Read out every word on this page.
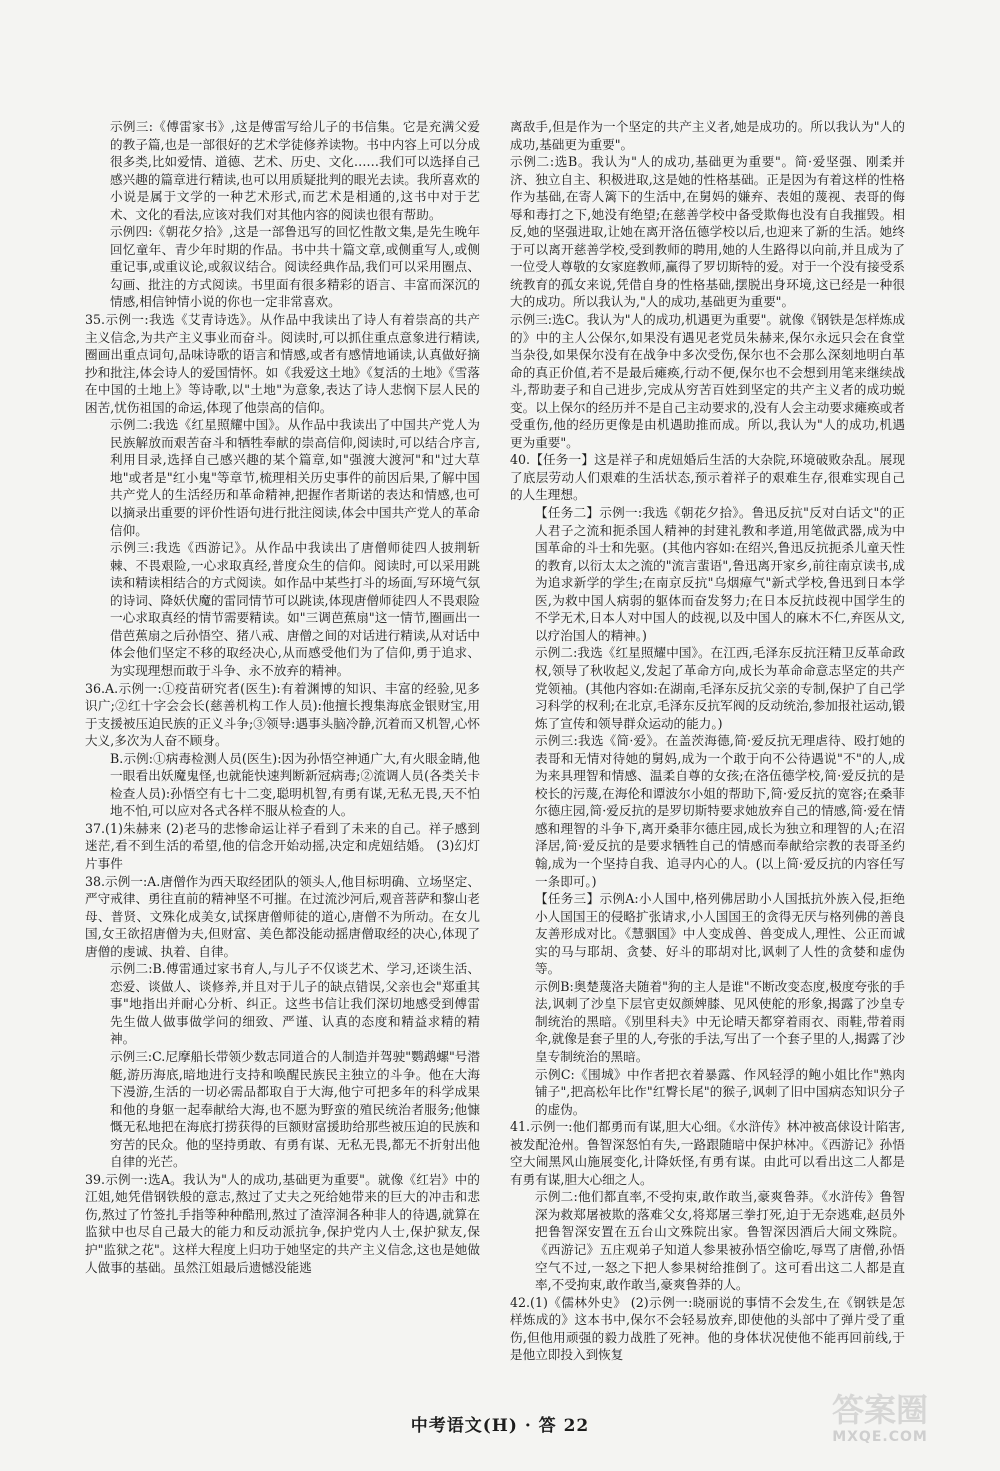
示例三:《傅雷家书》,这是傅雷写给儿子的书信集。它是充满父爱的教子篇,也是一部很好的艺术学徒修养读物。书中内容上可以分成很多类,比如爱情、道德、艺术、历史、文化……我们可以选择自己感兴趣的篇章进行精读,也可以用质疑批判的眼光去读。我所喜欢的小说是属于文学的一种艺术形式,而艺术是相通的,这书中对于艺术、文化的看法,应该对我们对其他内容的阅读也很有帮助。

示例四:《朝花夕拾》,这是一部鲁迅写的回忆性散文集,是先生晚年回忆童年、青少年时期的作品。书中共十篇文章,或侧重写人,或侧重记事,或重议论,或叙议结合。阅读经典作品,我们可以采用圈点、勾画、批注的方式阅读。书里面有很多精彩的语言、丰富而深沉的情感,相信钟情小说的你也一定非常喜欢。

35.示例一:我选《艾青诗选》。从作品中我读出了诗人有着崇高的共产主义信念,为共产主义事业而奋斗。阅读时,可以抓住重点意象进行精读,圈画出重点词句,品味诗歌的语言和情感,或者有感情地诵读,认真做好摘抄和批注,体会诗人的爱国情怀。如《我爱这土地》《复活的土地》《雪落在中国的土地上》等诗歌,以"土地"为意象,表达了诗人悲悯下层人民的困苦,忧伤祖国的命运,体现了他崇高的信仰。

示例二:我选《红星照耀中国》。从作品中我读出了中国共产党人为民族解放而艰苦奋斗和牺牲奉献的崇高信仰,阅读时,可以结合序言,利用目录,选择自己感兴趣的某个篇章,如"强渡大渡河"和"过大草地"或者是"红小鬼"等章节,梳理相关历史事件的前因后果,了解中国共产党人的生活经历和革命精神,把握作者斯诺的表达和情感,也可以摘录出重要的评价性语句进行批注阅读,体会中国共产党人的革命信仰。

示例三:我选《西游记》。从作品中我读出了唐僧师徒四人披荆斩棘、不畏艰险,一心求取真经,普度众生的信仰。阅读时,可以采用跳读和精读相结合的方式阅读。如作品中某些打斗的场面,写环境气氛的诗词、降妖伏魔的雷同情节可以跳读,体现唐僧师徒四人不畏艰险一心求取真经的情节需要精读。如"三调芭蕉扇"这一情节,圈画出一借芭蕉扇之后孙悟空、猪八戒、唐僧之间的对话进行精读,从对话中体会他们坚定不移的取经决心,从而感受他们为了信仰,勇于追求、为实现理想而敢于斗争、永不放弃的精神。

36.A.示例一:①疫苗研究者(医生):有着渊博的知识、丰富的经验,见多识广;②红十字会会长(慈善机构工作人员):他擅长搜集海底金银财宝,用于支援被压迫民族的正义斗争;③领导:遇事头脑冷静,沉着而又机智,心怀大义,多次为人奋不顾身。

B.示例:①病毒检测人员(医生):因为孙悟空神通广大,有火眼金睛,他一眼看出妖魔鬼怪,也就能快速判断新冠病毒;②流调人员(各类关卡检查人员):孙悟空有七十二变,聪明机智,有勇有谋,无私无畏,天不怕地不怕,可以应对各式各样不服从检查的人。

37.(1)朱赫来 (2)老马的悲惨命运让祥子看到了未来的自己。祥子感到迷茫,看不到生活的希望,他的信念开始动摇,决定和虎妞结婚。 (3)幻灯片事件

38.示例一:A.唐僧作为西天取经团队的领头人,他目标明确、立场坚定、严守戒律、勇往直前的精神坚不可摧。在过流沙河后,观音菩萨和黎山老母、普贤、文殊化成美女,试探唐僧师徒的道心,唐僧不为所动。在女儿国,女王欲招唐僧为夫,但财富、美色都没能动摇唐僧取经的决心,体现了唐僧的虔诚、执着、自律。

示例二:B.傅雷通过家书育人,与儿子不仅谈艺术、学习,还谈生活、恋爱、谈做人、谈修养,并且对于儿子的缺点错误,父亲也会"郑重其事"地指出并耐心分析、纠正。这些书信让我们深切地感受到傅雷先生做人做事做学问的细致、严谨、认真的态度和精益求精的精神。

示例三:C.尼摩船长带领少数志同道合的人制造并驾驶"鹦鹉螺"号潜艇,游历海底,暗地进行支持和唤醒民族民主独立的斗争。他在大海下漫游,生活的一切必需品都取自于大海,他宁可把多年的科学成果和他的身躯一起奉献给大海,也不愿为野蛮的殖民统治者服务;他慷慨无私地把在海底打捞获得的巨额财富援助给那些被压迫的民族和穷苦的民众。他的坚持勇敢、有勇有谋、无私无畏,都无不折射出他自律的光芒。

39.示例一:选A。我认为"人的成功,基础更为重要"。就像《红岩》中的江姐,她凭借钢铁般的意志,熬过了丈夫之死给她带来的巨大的冲击和悲伤,熬过了竹签扎手指等种种酷刑,熬过了渣滓洞各种非人的待遇,就算在监狱中也尽自己最大的能力和反动派抗争,保护党内人士,保护狱友,保护"监狱之花"。这样大程度上归功于她坚定的共产主义信念,这也是她做人做事的基础。虽然江姐最后遗憾没能逃

离敌手,但是作为一个坚定的共产主义者,她是成功的。所以我认为"人的成功,基础更为重要"。

示例二:选B。我认为"人的成功,基础更为重要"。简·爱坚强、刚柔并济、独立自主、积极进取,这是她的性格基础。正是因为有着这样的性格作为基础,在寄人篱下的生活中,在舅妈的嫌弃、表姐的蔑视、表哥的侮辱和毒打之下,她没有绝望;在慈善学校中备受欺侮也没有自我摧毁。相反,她的坚强进取,让她在离开洛伍德学校以后,也迎来了新的生活。她终于可以离开慈善学校,受到教师的聘用,她的人生路得以向前,并且成为了一位受人尊敬的女家庭教师,赢得了罗切斯特的爱。对于一个没有接受系统教育的孤女来说,凭借自身的性格基础,摆脱出身环境,这已经是一种很大的成功。所以我认为,"人的成功,基础更为重要"。

示例三:选C。我认为"人的成功,机遇更为重要"。就像《钢铁是怎样炼成的》中的主人公保尔,如果没有遇见老党员朱赫来,保尔永远只会在食堂当杂役,如果保尔没有在战争中多次受伤,保尔也不会那么深刻地明白革命的真正价值,若不是最后瘫痪,行动不便,保尔也不会想到用笔来继续战斗,帮助妻子和自己进步,完成从穷苦百姓到坚定的共产主义者的成功蜕变。以上保尔的经历并不是自己主动要求的,没有人会主动要求瘫痪或者受重伤,他的经历更像是由机遇助推而成。所以,我认为"人的成功,机遇更为重要"。

40.【任务一】这是祥子和虎妞婚后生活的大杂院,环境破败杂乱。展现了底层劳动人们艰难的生活状态,预示着祥子的艰难生存,很难实现自己的人生理想。

【任务二】示例一:我选《朝花夕拾》。鲁迅反抗"反对白话文"的正人君子之流和扼杀国人精神的封建礼教和孝道,用笔做武器,成为中国革命的斗士和先驱。(其他内容如:在绍兴,鲁迅反抗扼杀儿童天性的教育,以衍太太之流的"流言蜚语",鲁迅离开家乡,前往南京读书,成为追求新学的学生;在南京反抗"乌烟瘴气"新式学校,鲁迅到日本学医,为救中国人病弱的躯体而奋发努力;在日本反抗歧视中国学生的不学无术,日本人对中国人的歧视,以及中国人的麻木不仁,弃医从文,以疗治国人的精神。)

示例二:我选《红星照耀中国》。在江西,毛泽东反抗汪精卫反革命政权,领导了秋收起义,发起了革命方向,成长为革命命意志坚定的共产党领袖。(其他内容如:在湖南,毛泽东反抗父亲的专制,保护了自己学习科学的权利;在北京,毛泽东反抗军阀的反动统治,参加报社运动,锻炼了宣传和领导群众运动的能力。)

示例三:我选《简·爱》。在盖茨海德,简·爱反抗无理虐待、殴打她的表哥和无情对待她的舅妈,成为一个敢于向不公待遇说"不"的人,成为来具理智和情感、温柔自尊的女孩;在洛伍德学校,简·爱反抗的是校长的污蔑,在海伦和谭波尔小姐的帮助下,简·爱反抗的宽容;在桑菲尔德庄园,简·爱反抗的是罗切斯特要求她放弃自己的情感,简·爱在情感和理智的斗争下,离开桑菲尔德庄园,成长为独立和理智的人;在沼泽居,简·爱反抗的是要求牺牲自己的情感而奉献给宗教的表哥圣约翰,成为一个坚持自我、追寻内心的人。(以上简·爱反抗的内容任写一条即可。)

【任务三】示例A:小人国中,格列佛居助小人国抵抗外族入侵,拒绝小人国国王的侵略扩张请求,小人国国王的贪得无厌与格列佛的善良友善形成对比。《慧骃国》中人变成兽、兽变成人,理性、公正而诚实的马与耶胡、贪婪、好斗的耶胡对比,讽刺了人性的贪婪和虚伪等。

示例B:奥楚蔑洛夫随着"狗的主人是谁"不断改变态度,极度夸张的手法,讽刺了沙皇下层官吏奴颜婢膝、见风使舵的形象,揭露了沙皇专制统治的黑暗。《别里科夫》中无论晴天都穿着雨衣、雨鞋,带着雨伞,就像是套子里的人,夸张的手法,写出了一个套子里的人,揭露了沙皇专制统治的黑暗。

示例C:《围城》中作者把衣着暴露、作风轻浮的鲍小姐比作"熟肉铺子",把高松年比作"红臀长尾"的猴子,讽刺了旧中国病态知识分子的虚伪。

41.示例一:他们都勇而有谋,胆大心细。《水浒传》林冲被高俅设计陷害,被发配沧州。鲁智深怒怕有失,一路跟随暗中保护林冲。《西游记》孙悟空大闹黑风山施展变化,计降妖怪,有勇有谋。由此可以看出这二人都是有勇有谋,胆大心细之人。

示例二:他们都直率,不受拘束,敢作敢当,豪爽鲁莽。《水浒传》鲁智深为救郑屠被欺的落难父女,将郑屠三拳打死,迫于无奈逃难,赵员外把鲁智深安置在五台山文殊院出家。鲁智深因酒后大闹文殊院。《西游记》五庄观弟子知道人参果被孙悟空偷吃,辱骂了唐僧,孙悟空气不过,一怒之下把人参果树给推倒了。这可看出这二人都是直率,不受拘束,敢作敢当,豪爽鲁莽的人。

42.(1)《儒林外史》 (2)示例一:晓丽说的事情不会发生,在《钢铁是怎样炼成的》这本书中,保尔不会轻易放弃,即使他的头部中了弹片受了重伤,但他用顽强的毅力战胜了死神。他的身体状况使他不能再回前线,于是他立即投入到恢复

中考语文(H) · 答 22	答案圈
MXQE.COM
